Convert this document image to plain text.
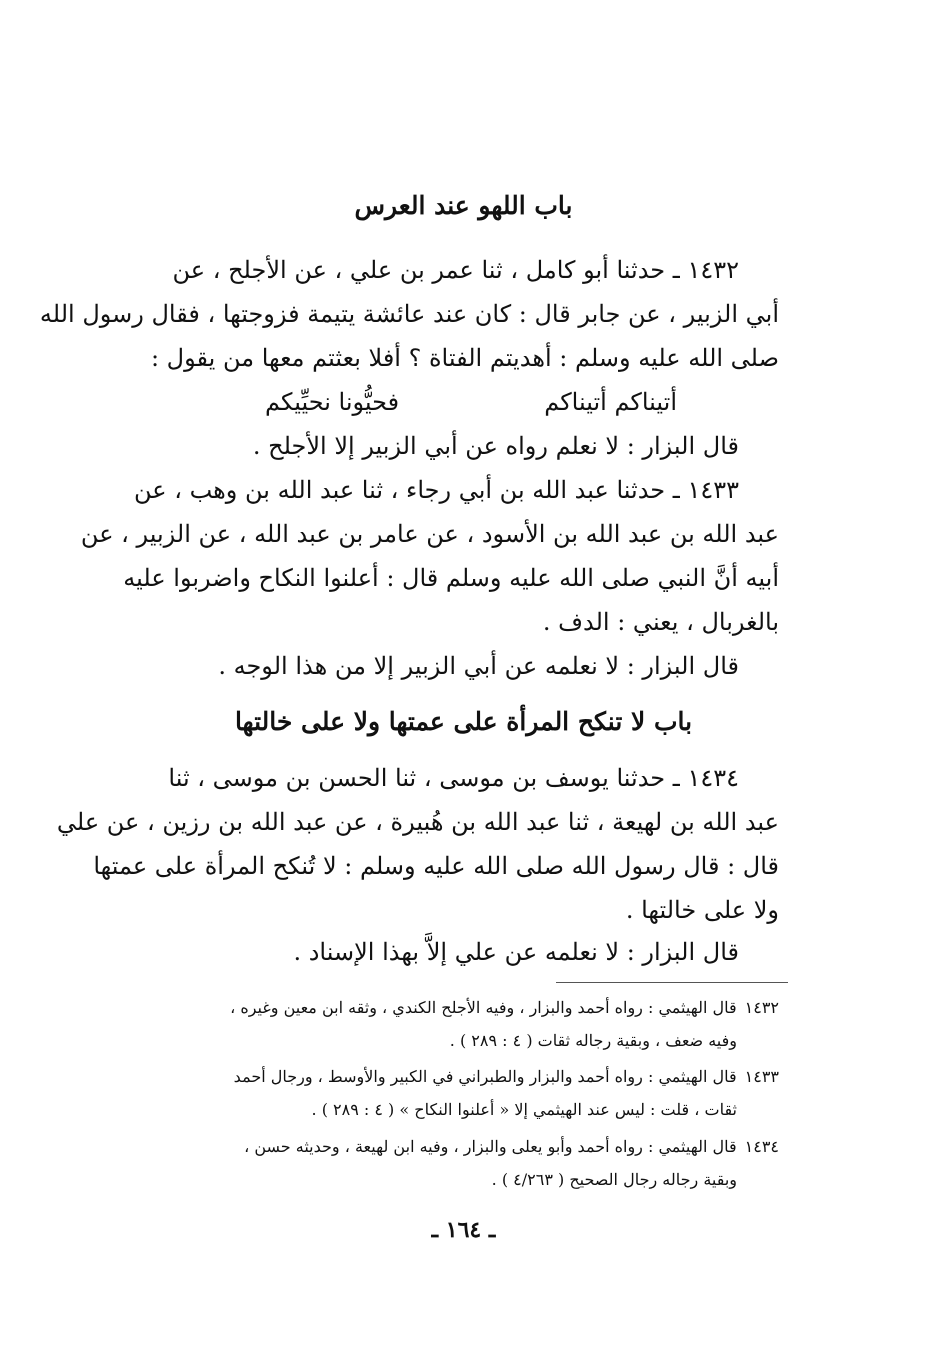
باب اللهو عند العرس
١٤٣٢ ـ حدثنا أبو كامل ، ثنا عمر بن علي ، عن الأجلح ، عن
أبي الزبير ، عن جابر قال : كان عند عائشة يتيمة فزوجتها ، فقال رسول الله
صلى الله عليه وسلم : أهديتم الفتاة ؟ أفلا بعثتم معها من يقول :
أتيناكم أتيناكم
فحيُّونا نحيِّيكم
قال البزار : لا نعلم رواه عن أبي الزبير إلا الأجلح .
١٤٣٣ ـ حدثنا عبد الله بن أبي رجاء ، ثنا عبد الله بن وهب ، عن
عبد الله بن عبد الله بن الأسود ، عن عامر بن عبد الله ، عن الزبير ، عن
أبيه أنَّ النبي صلى الله عليه وسلم قال : أعلنوا النكاح واضربوا عليه
بالغربال ، يعني : الدف .
قال البزار : لا نعلمه عن أبي الزبير إلا من هذا الوجه .
باب لا تنكح المرأة على عمتها ولا على خالتها
١٤٣٤ ـ حدثنا يوسف بن موسى ، ثنا الحسن بن موسى ، ثنا
عبد الله بن لهيعة ، ثنا عبد الله بن هُبيرة ، عن عبد الله بن رزين ، عن علي
قال : قال رسول الله صلى الله عليه وسلم : لا تُنكح المرأة على عمتها
ولا على خالتها .
قال البزار : لا نعلمه عن علي إلاَّ بهذا الإسناد .
١٤٣٢قال الهيثمي : رواه أحمد والبزار ، وفيه الأجلح الكندي ، وثقه ابن معين وغيره ،
وفيه ضعف ، وبقية رجاله ثقات ( ٤ : ٢٨٩ ) .
١٤٣٣قال الهيثمي : رواه أحمد والبزار والطبراني في الكبير والأوسط ، ورجال أحمد
ثقات ، قلت : ليس عند الهيثمي إلا « أعلنوا النكاح » ( ٤ : ٢٨٩ ) .
١٤٣٤قال الهيثمي : رواه أحمد وأبو يعلى والبزار ، وفيه ابن لهيعة ، وحديثه حسن ،
وبقية رجاله رجال الصحيح ( ٤/٢٦٣ ) .
ـ ١٦٤ ـ
